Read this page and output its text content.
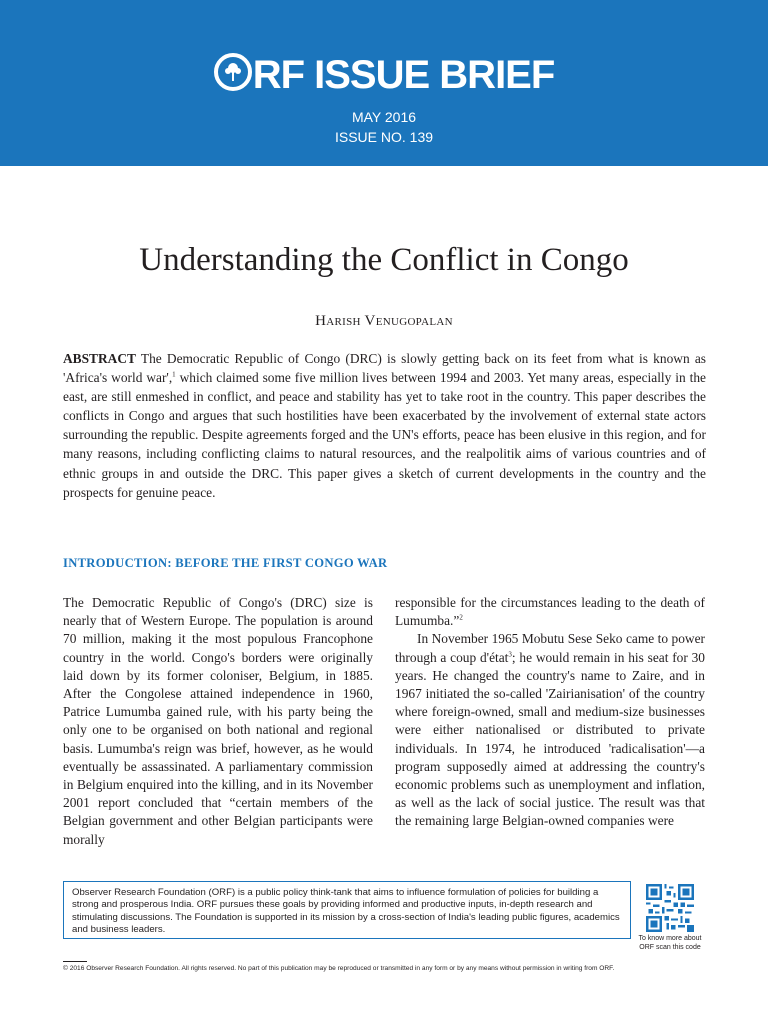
RF ISSUE BRIEF
MAY 2016
ISSUE NO. 139
Understanding the Conflict in Congo
Harish Venugopalan

ABSTRACT The Democratic Republic of Congo (DRC) is slowly getting back on its feet from what is known as 'Africa's world war',$^1$ which claimed some five million lives between 1994 and 2003. Yet many areas, especially in the east, are still enmeshed in conflict, and peace and stability has yet to take root in the country. This paper describes the conflicts in Congo and argues that such hostilities have been exacerbated by the involvement of external state actors surrounding the republic. Despite agreements forged and the UN's efforts, peace has been elusive in this region, and for many reasons, including conflicting claims to natural resources, and the realpolitik aims of various countries and of ethnic groups in and outside the DRC. This paper gives a sketch of current developments in the country and the prospects for genuine peace.

INTRODUCTION: BEFORE THE FIRST CONGO WAR

The Democratic Republic of Congo's (DRC) size is nearly that of Western Europe. The population is around 70 million, making it the most populous Francophone country in the world. Congo's borders were originally laid down by its former coloniser, Belgium, in 1885. After the Congolese attained independence in 1960, Patrice Lumumba gained rule, with his party being the only one to be organised on both national and regional basis. Lumumba's reign was brief, however, as he would eventually be assassinated. A parliamentary commission in Belgium enquired into the killing, and in its November 2001 report concluded that “certain members of the Belgian government and other Belgian participants were morally

responsible for the circumstances leading to the death of Lumumba.”$^2$

In November 1965 Mobutu Sese Seko came to power through a coup d'état$^3$; he would remain in his seat for 30 years. He changed the country's name to Zaire, and in 1967 initiated the so-called 'Zairianisation' of the country where foreign-owned, small and medium-size businesses were either nationalised or distributed to private individuals. In 1974, he introduced 'radicalisation'—a program supposedly aimed at addressing the country's economic problems such as unemployment and inflation, as well as the lack of social justice. The result was that the remaining large Belgian-owned companies were

Observer Research Foundation (ORF) is a public policy think-tank that aims to influence formulation of policies for building a strong and prosperous India. ORF pursues these goals by providing informed and productive inputs, in-depth research and stimulating discussions. The Foundation is supported in its mission by a cross-section of India's leading public figures, academics and business leaders.
To know more about
ORF scan this code
© 2016 Observer Research Foundation. All rights reserved. No part of this publication may be reproduced or transmitted in any form or by any means without permission in writing from ORF.
